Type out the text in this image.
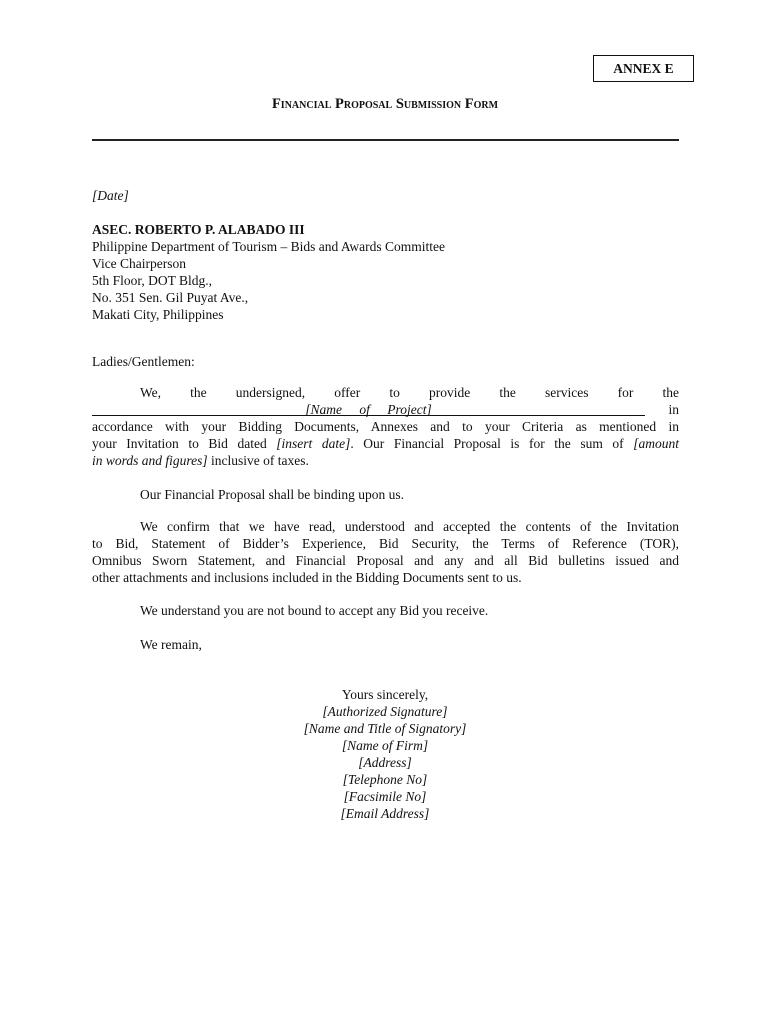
ANNEX E
Financial Proposal Submission Form
[Date]
ASEC. ROBERTO P. ALABADO III
Philippine Department of Tourism – Bids and Awards Committee
Vice Chairperson
5th Floor, DOT Bldg.,
No. 351 Sen. Gil Puyat Ave.,
Makati City, Philippines
Ladies/Gentlemen:
We, the undersigned, offer to provide the services for the
[Name of Project]	in
accordance with your Bidding Documents, Annexes and to your Criteria as mentioned in
your Invitation to Bid dated [insert date]. Our Financial Proposal is for the sum of [amount
in words and figures] inclusive of taxes.
Our Financial Proposal shall be binding upon us.
We confirm that we have read, understood and accepted the contents of the Invitation
to Bid, Statement of Bidder’s Experience, Bid Security, the Terms of Reference (TOR),
Omnibus Sworn Statement, and Financial Proposal and any and all Bid bulletins issued and
other attachments and inclusions included in the Bidding Documents sent to us.
We understand you are not bound to accept any Bid you receive.
We remain,
Yours sincerely,
[Authorized Signature]
[Name and Title of Signatory]
[Name of Firm]
[Address]
[Telephone No]
[Facsimile No]
[Email Address]
